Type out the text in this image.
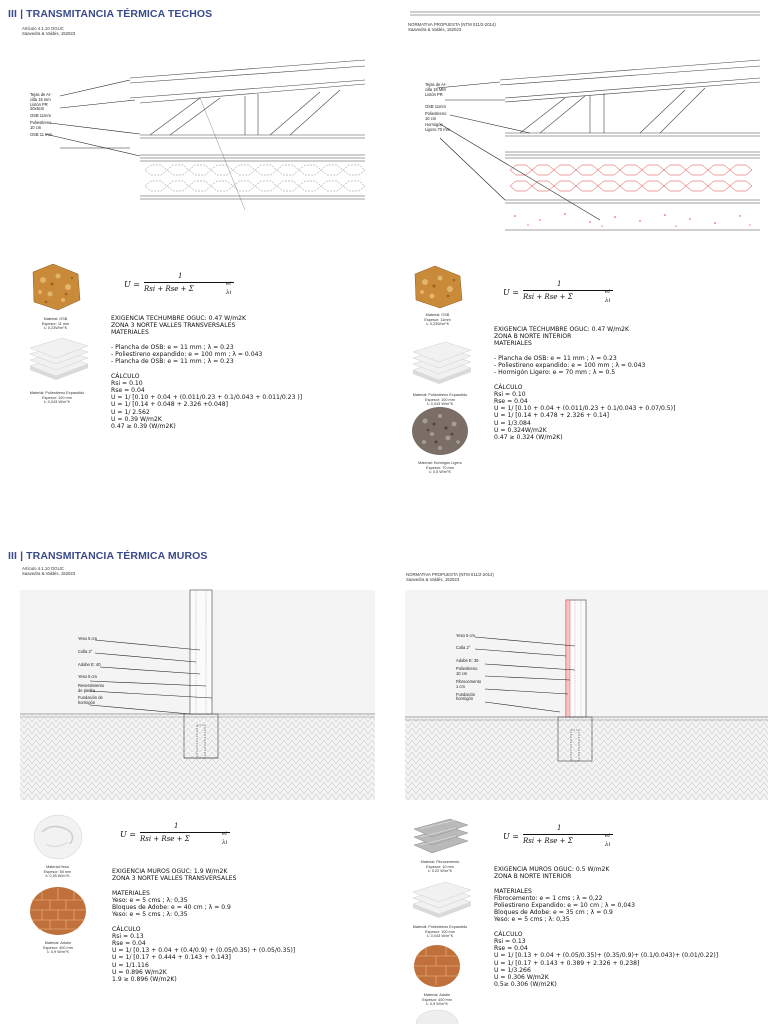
III | TRANSMITANCIA TÉRMICA TECHOS
Artículo 4.1.10 OGUC
Saavedra & Valdés, 152023
NORMATIVA PROPUESTA (NTM 011/2-2014)
Saavedra & Valdés, 152023
Tejas de Ar-
cilla 15 mm
Listón PR
20x5cm
OSB 11mm
Poliestireno
10 cm
OSB 11 mm
Tejas de Ar-
cilla 15 MM
Listón PR
OSB 11mm
Poliestireno
10 cm
Hormigón
Ligero 70 mm
U =
1
Rsi + Rse + Σ
ei
λi	U =
1
Rsi + Rse + Σ
ei
λi
Material: OSB
Espesor: 11 mm
λ: 0,23W/m°K
Material: Poliestireno Expandido
Espesor: 100 mm
λ: 0,043 W/m°K
Material: OSB
Espesor: 11mm
λ: 0,23W/m°K
Material: Poliestireno Expandido
Espesor: 100 mm
λ: 0,043 W/m°K
Material: Hormigón Ligero
Espesor: 70 mm
λ: 0,5 W/m°K
EXIGENCIA TECHUMBRE OGUC: 0.47 W/m2K
ZONA 3 NORTE VALLES TRANSVERSALES
MATERIALES
- Plancha de OSB: e = 11 mm ; λ = 0.23
- Poliestireno expandido: e = 100 mm ; λ = 0.043
- Plancha de OSB: e = 11 mm ; λ = 0.23
CÁLCULO
Rsi = 0.10
Rse = 0.04
U = 1/ [0.10 + 0.04 + (0.011/0.23 + 0.1/0.043 + 0.011/0.23 )]
U = 1/ [0.14 + 0.048 + 2.326 +0.048]
U = 1/ 2.562
U = 0.39 W/m2K
0.47 ≥ 0.39 (W/m2K)
EXIGENCIA TECHUMBRE OGUC: 0.47 W/m2K
ZONA B NORTE INTERIOR
MATERIALES
- Plancha de OSB: e = 11 mm ; λ = 0.23
- Poliestireno expandido: e = 100 mm ; λ = 0.043
- Hormigón Ligero: e = 70 mm ; λ = 0.5
CÁLCULO
Rsi = 0.10
Rse = 0.04
U = 1/ [0.10 + 0.04 + (0.011/0.23 + 0.1/0.043 + 0.07/0.5)]
U = 1/ [0.14 + 0.478 + 2.326 + 0.14]
U = 1/3.084
U = 0.324W/m2K
0.47 ≥ 0.324 (W/m2K)
III | TRANSMITANCIA TÉRMICA MUROS
Artículo 4.1.10 OGUC
Saavedra & Valdés, 152023	NORMATIVA PROPUESTA (NTM 011/2-2014)
Saavedra & Valdés, 152023
Yeso 5 cm
Colla 2°
Adobe E: 40
Yeso 5 cm
Revestimiento
de piedra
Fundación de
hormigón
Yeso 5 cm
Colla 2°
Adobe E: 35
Poliestireno
10 cm
Fibrocemento
1 cm
Fundación
hormigón
U =
1
Rsi + Rse + Σ
ei
λi
U =
1
Rsi + Rse + Σ
ei
λi
Material:Yeso
Espesor: 50 mm
λ: 0,35 W/m°K
Material: Adobe
Espesor: 400 mm
λ: 0,9 W/m°K
Material: Fibrocemento
Espesor: 10 mm
λ: 0,22 W/m°K
Material: Poliestireno Expandido
Espesor: 100 mm
λ: 0,043 W/m°K
Material: Adobe
Espesor: 400 mm
λ: 0,9 W/m°K
EXIGENCIA MUROS OGUC: 1.9 W/m2K
ZONA 3 NORTE VALLES TRANSVERSALES
MATERIALES
Yeso: e = 5 cms ; λ: 0,35
Bloques de Adobe: e = 40 cm ; λ = 0.9
Yeso: e = 5 cms ; λ: 0,35
CÁLCULO
Rsi = 0.13
Rse = 0.04
U = 1/ [0.13 + 0.04 + (0.4/0.9) + (0.05/0.35) + (0.05/0.35)]
U = 1/ [0.17 + 0.444 + 0.143 + 0.143]
U = 1/1.116
U = 0.896 W/m2K
1.9 ≥ 0.896 (W/m2K)
EXIGENCIA MUROS OGUC: 0.5 W/m2K
ZONA B NORTE INTERIOR
MATERIALES
Fibrocemento: e = 1 cms ; λ = 0,22
Poliestireno Expandido: e = 10 cm ; λ = 0,043
Bloques de Adobe: e = 35 cm ; λ = 0.9
Yeso: e = 5 cms ; λ: 0,35
CÁLCULO
Rsi = 0.13
Rse = 0.04
U = 1/ [0.13 + 0.04 + (0.05/0.35)+ (0.35/0.9)+ (0.1/0.043)+ (0.01/0.22)]
U = 1/ [0.17 + 0.143 + 0.389 + 2.326 + 0.238]
U = 1/3.266
U = 0.306 W/m2K
0.5≥ 0.306 (W/m2K)
